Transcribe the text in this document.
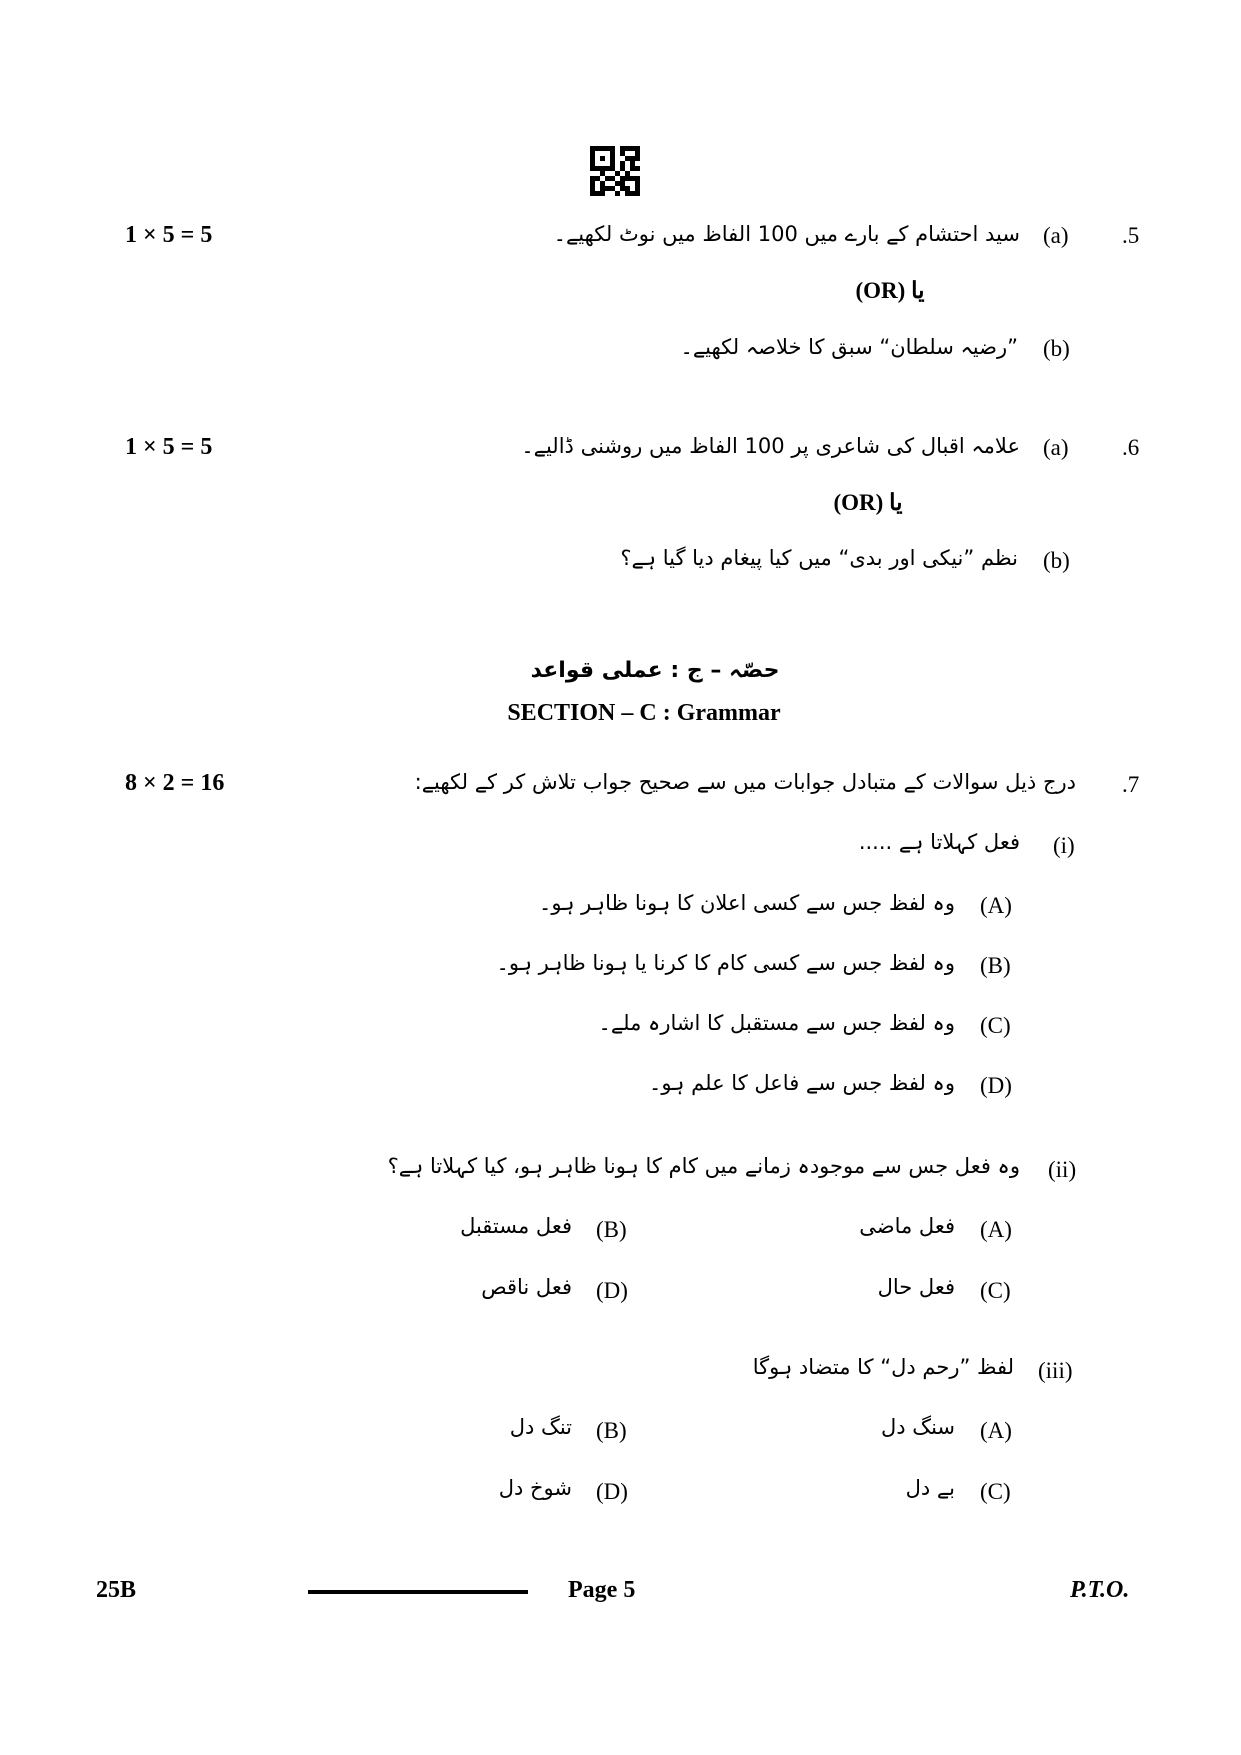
.5
(a)
سید احتشام کے بارے میں 100 الفاظ میں نوٹ لکھیے۔
1 × 5 = 5
یا (OR)
(b)
”رضیہ سلطان“ سبق کا خلاصہ لکھیے۔
.6
(a)
علامہ اقبال کی شاعری پر 100 الفاظ میں روشنی ڈالیے۔
1 × 5 = 5
یا (OR)
(b)
نظم ”نیکی اور بدی“ میں کیا پیغام دیا گیا ہے؟
حصّہ – ج : عملی قواعد
SECTION – C : Grammar
.7
درج ذیل سوالات کے متبادل جوابات میں سے صحیح جواب تلاش کر کے لکھیے:
8 × 2 = 16
(i)
فعل کہلاتا ہے .....
(A)
وہ لفظ جس سے کسی اعلان کا ہونا ظاہر ہو۔
(B)
وہ لفظ جس سے کسی کام کا کرنا یا ہونا ظاہر ہو۔
(C)
وہ لفظ جس سے مستقبل کا اشارہ ملے۔
(D)
وہ لفظ جس سے فاعل کا علم ہو۔
(ii)
وہ فعل جس سے موجودہ زمانے میں کام کا ہونا ظاہر ہو، کیا کہلاتا ہے؟
(A)
فعل ماضی
(B)
فعل مستقبل
(C)
فعل حال
(D)
فعل ناقص
(iii)
لفظ ”رحم دل“ کا متضاد ہوگا
(A)
سنگ دل
(B)
تنگ دل
(C)
بے دل
(D)
شوخ دل
25B	Page 5	P.T.O.
